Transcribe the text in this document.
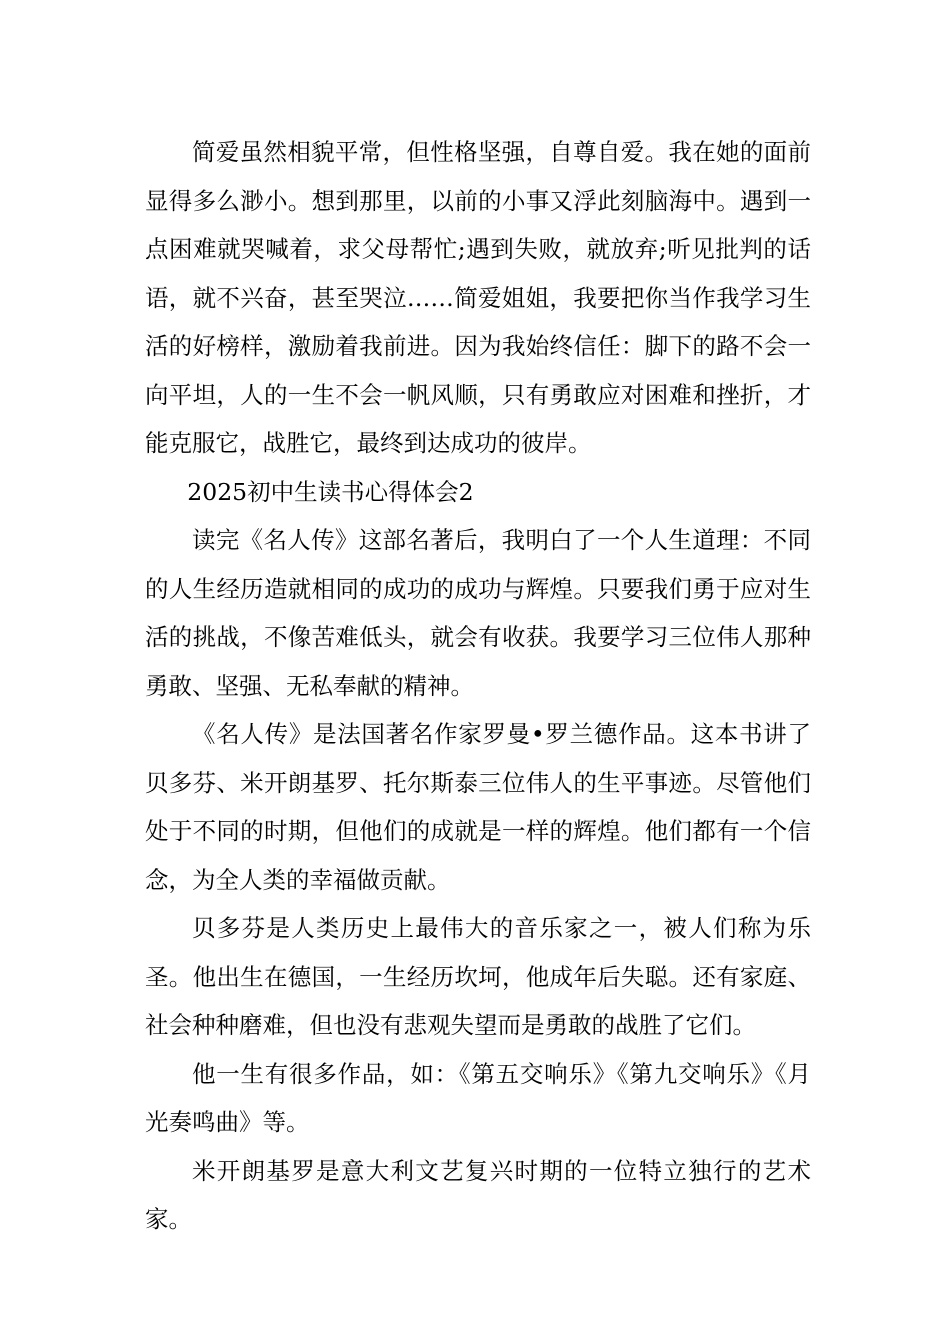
简爱虽然相貌平常，但性格坚强，自尊自爱。我在她的面前显得多么渺小。想到那里，以前的小事又浮此刻脑海中。遇到一点困难就哭喊着，求父母帮忙;遇到失败，就放弃;听见批判的话语，就不兴奋，甚至哭泣……简爱姐姐，我要把你当作我学习生活的好榜样，激励着我前进。因为我始终信任：脚下的路不会一向平坦，人的一生不会一帆风顺，只有勇敢应对困难和挫折，才能克服它，战胜它，最终到达成功的彼岸。

2025初中生读书心得体会2

读完《名人传》这部名著后，我明白了一个人生道理：不同的人生经历造就相同的成功的成功与辉煌。只要我们勇于应对生活的挑战，不像苦难低头，就会有收获。我要学习三位伟人那种勇敢、坚强、无私奉献的精神。

《名人传》是法国著名作家罗曼•罗兰德作品。这本书讲了贝多芬、米开朗基罗、托尔斯泰三位伟人的生平事迹。尽管他们处于不同的时期，但他们的成就是一样的辉煌。他们都有一个信念，为全人类的幸福做贡献。

贝多芬是人类历史上最伟大的音乐家之一，被人们称为乐圣。他出生在德国，一生经历坎坷，他成年后失聪。还有家庭、社会种种磨难，但也没有悲观失望而是勇敢的战胜了它们。

他一生有很多作品，如：《第五交响乐》《第九交响乐》《月光奏鸣曲》等。

米开朗基罗是意大利文艺复兴时期的一位特立独行的艺术家。
